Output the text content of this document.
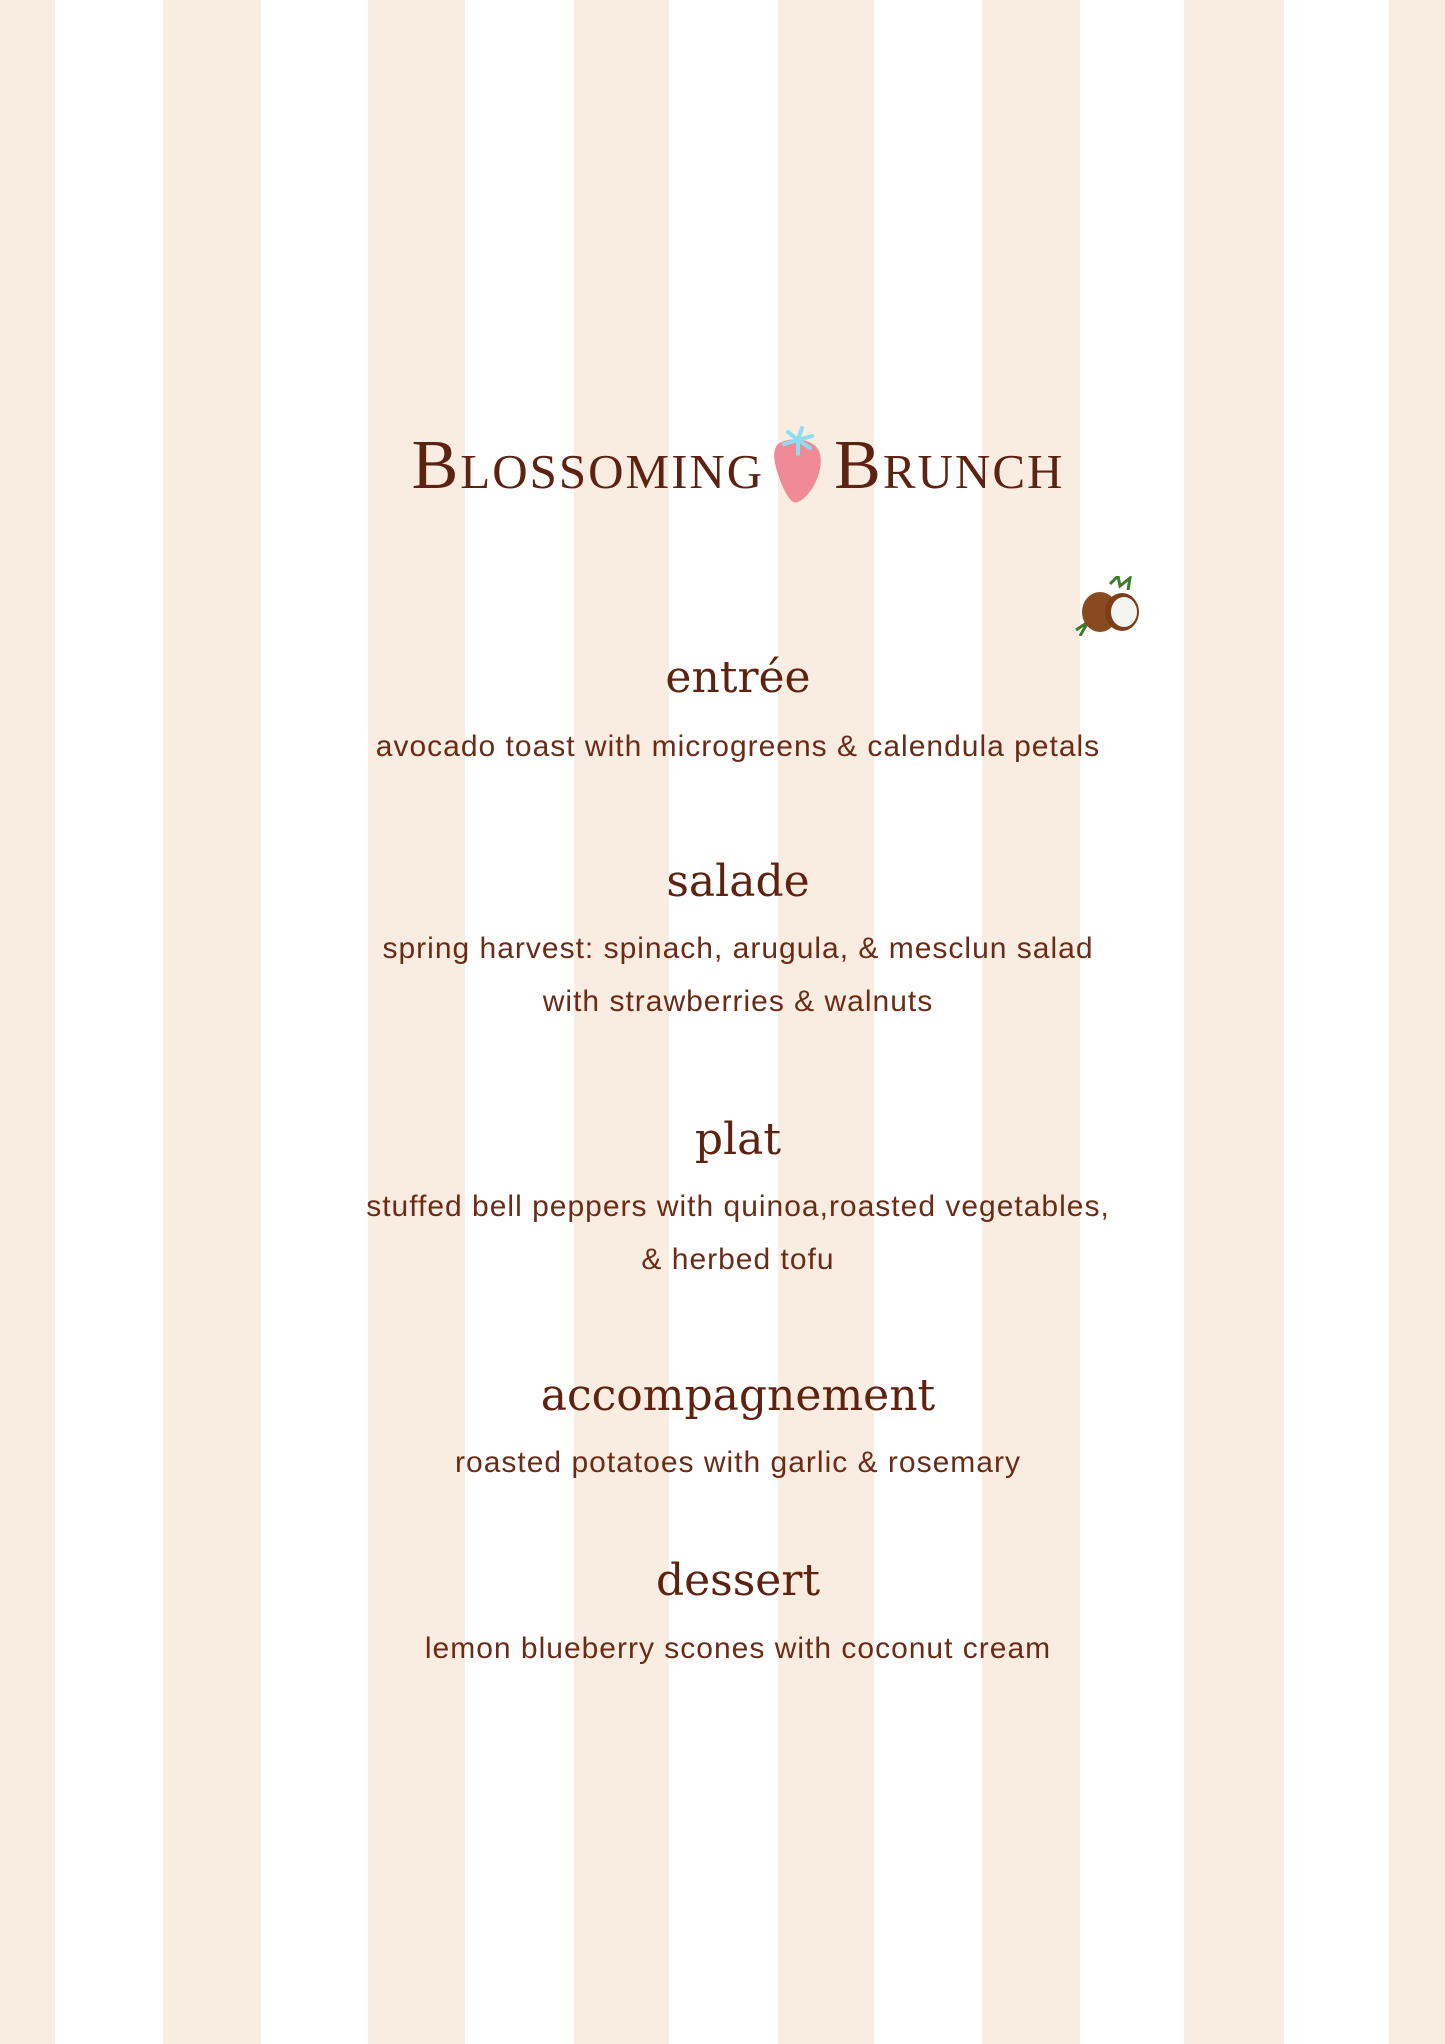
Blossoming Brunch
entrée
avocado toast with microgreens & calendula petals
salade
spring harvest: spinach, arugula, & mesclun salad
with strawberries & walnuts
plat
stuffed bell peppers with quinoa,roasted vegetables,
& herbed tofu
accompagnement
roasted potatoes with garlic & rosemary
dessert
lemon blueberry scones with coconut cream
